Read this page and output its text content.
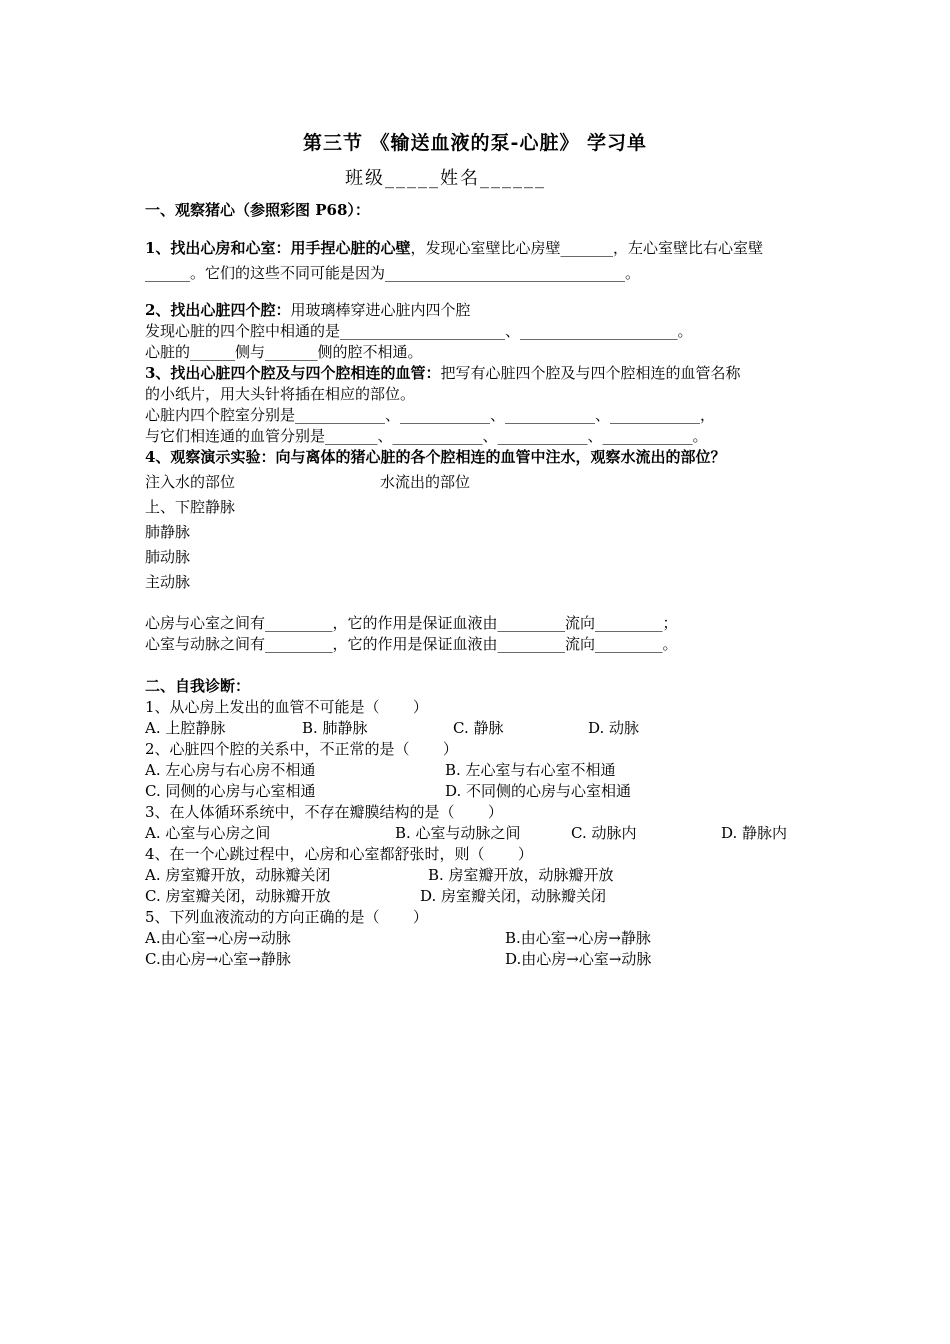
第三节 《输送血液的泵-心脏》 学习单
班级_____姓名______
一、观察猪心（参照彩图 P68）：
1、找出心房和心室：用手捏心脏的心壁，发现心室壁比心房壁_______，左心室壁比右心室壁
______。它们的这些不同可能是因为________________________________。
2、找出心脏四个腔：用玻璃棒穿进心脏内四个腔
发现心脏的四个腔中相通的是______________________、_____________________。
心脏的______侧与_______侧的腔不相通。
3、找出心脏四个腔及与四个腔相连的血管：把写有心脏四个腔及与四个腔相连的血管名称
的小纸片，用大头针将插在相应的部位。
心脏内四个腔室分别是____________、____________、____________、____________，
与它们相连通的血管分别是_______、____________、____________、____________。
4、观察演示实验：向与离体的猪心脏的各个腔相连的血管中注水，观察水流出的部位？
注入水的部位	水流出的部位
上、下腔静脉
肺静脉
肺动脉
主动脉
心房与心室之间有_________，它的作用是保证血液由_________流向_________；
心室与动脉之间有_________，它的作用是保证血液由_________流向_________。
二、自我诊断：
1、从心房上发出的血管不可能是（       ）
A. 上腔静脉	B. 肺静脉	C. 静脉	D. 动脉
2、心脏四个腔的关系中，不正常的是（       ）
A. 左心房与右心房不相通	B. 左心室与右心室不相通
C. 同侧的心房与心室相通	D. 不同侧的心房与心室相通
3、在人体循环系统中，不存在瓣膜结构的是（       ）
A. 心室与心房之间	B. 心室与动脉之间	C. 动脉内	D. 静脉内
4、在一个心跳过程中，心房和心室都舒张时，则（       ）
A. 房室瓣开放，动脉瓣关闭	B. 房室瓣开放，动脉瓣开放
C. 房室瓣关闭，动脉瓣开放	D. 房室瓣关闭，动脉瓣关闭
5、下列血液流动的方向正确的是（       ）
A.由心室→心房→动脉	B.由心室→心房→静脉
C.由心房→心室→静脉	D.由心房→心室→动脉
